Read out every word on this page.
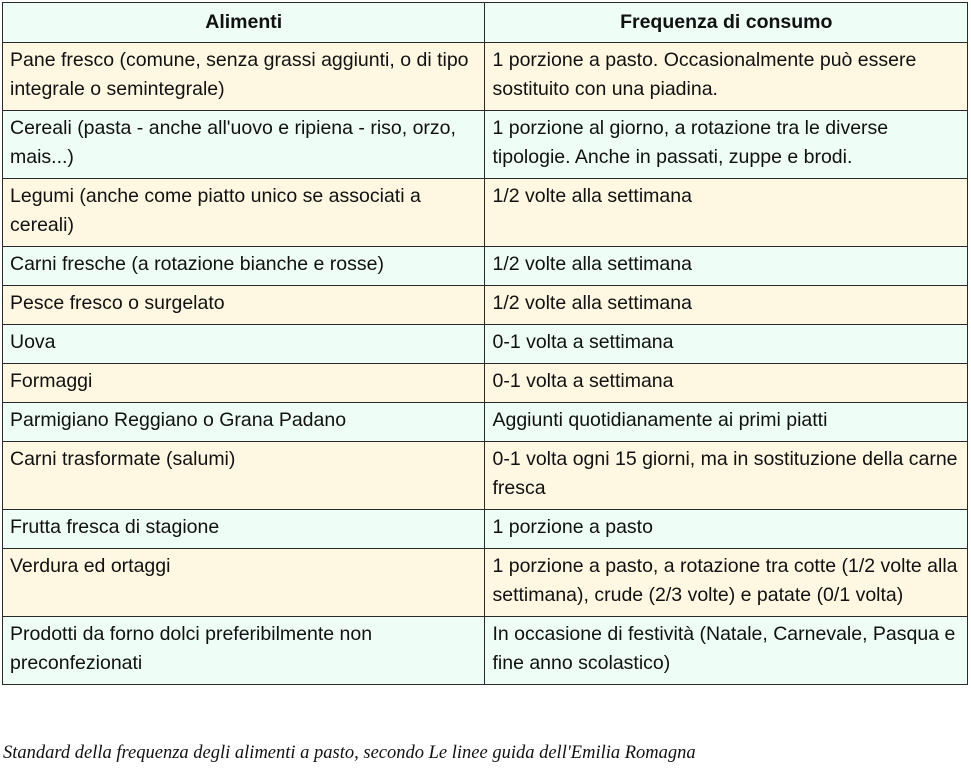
Alimenti	Frequenza di consumo
Pane fresco (comune, senza grassi aggiunti, o di tipo integrale o semintegrale)	1 porzione a pasto. Occasionalmente può essere sostituito con una piadina.
Cereali (pasta - anche all'uovo e ripiena - riso, orzo, mais...)	1 porzione al giorno, a rotazione tra le diverse tipologie. Anche in passati, zuppe e brodi.
Legumi (anche come piatto unico se associati a cereali)	1/2 volte alla settimana
Carni fresche (a rotazione bianche e rosse)	1/2 volte alla settimana
Pesce fresco o surgelato	1/2 volte alla settimana
Uova	0-1 volta a settimana
Formaggi	0-1 volta a settimana
Parmigiano Reggiano o Grana Padano	Aggiunti quotidianamente ai primi piatti
Carni trasformate (salumi)	0-1 volta ogni 15 giorni, ma in sostituzione della carne fresca
Frutta fresca di stagione	1 porzione a pasto
Verdura ed ortaggi	1 porzione a pasto, a rotazione tra cotte (1/2 volte alla settimana), crude (2/3 volte) e patate (0/1 volta)
Prodotti da forno dolci preferibilmente non preconfezionati	In occasione di festività (Natale, Carnevale, Pasqua e fine anno scolastico)
Standard della frequenza degli alimenti a pasto, secondo Le linee guida dell'Emilia Romagna
